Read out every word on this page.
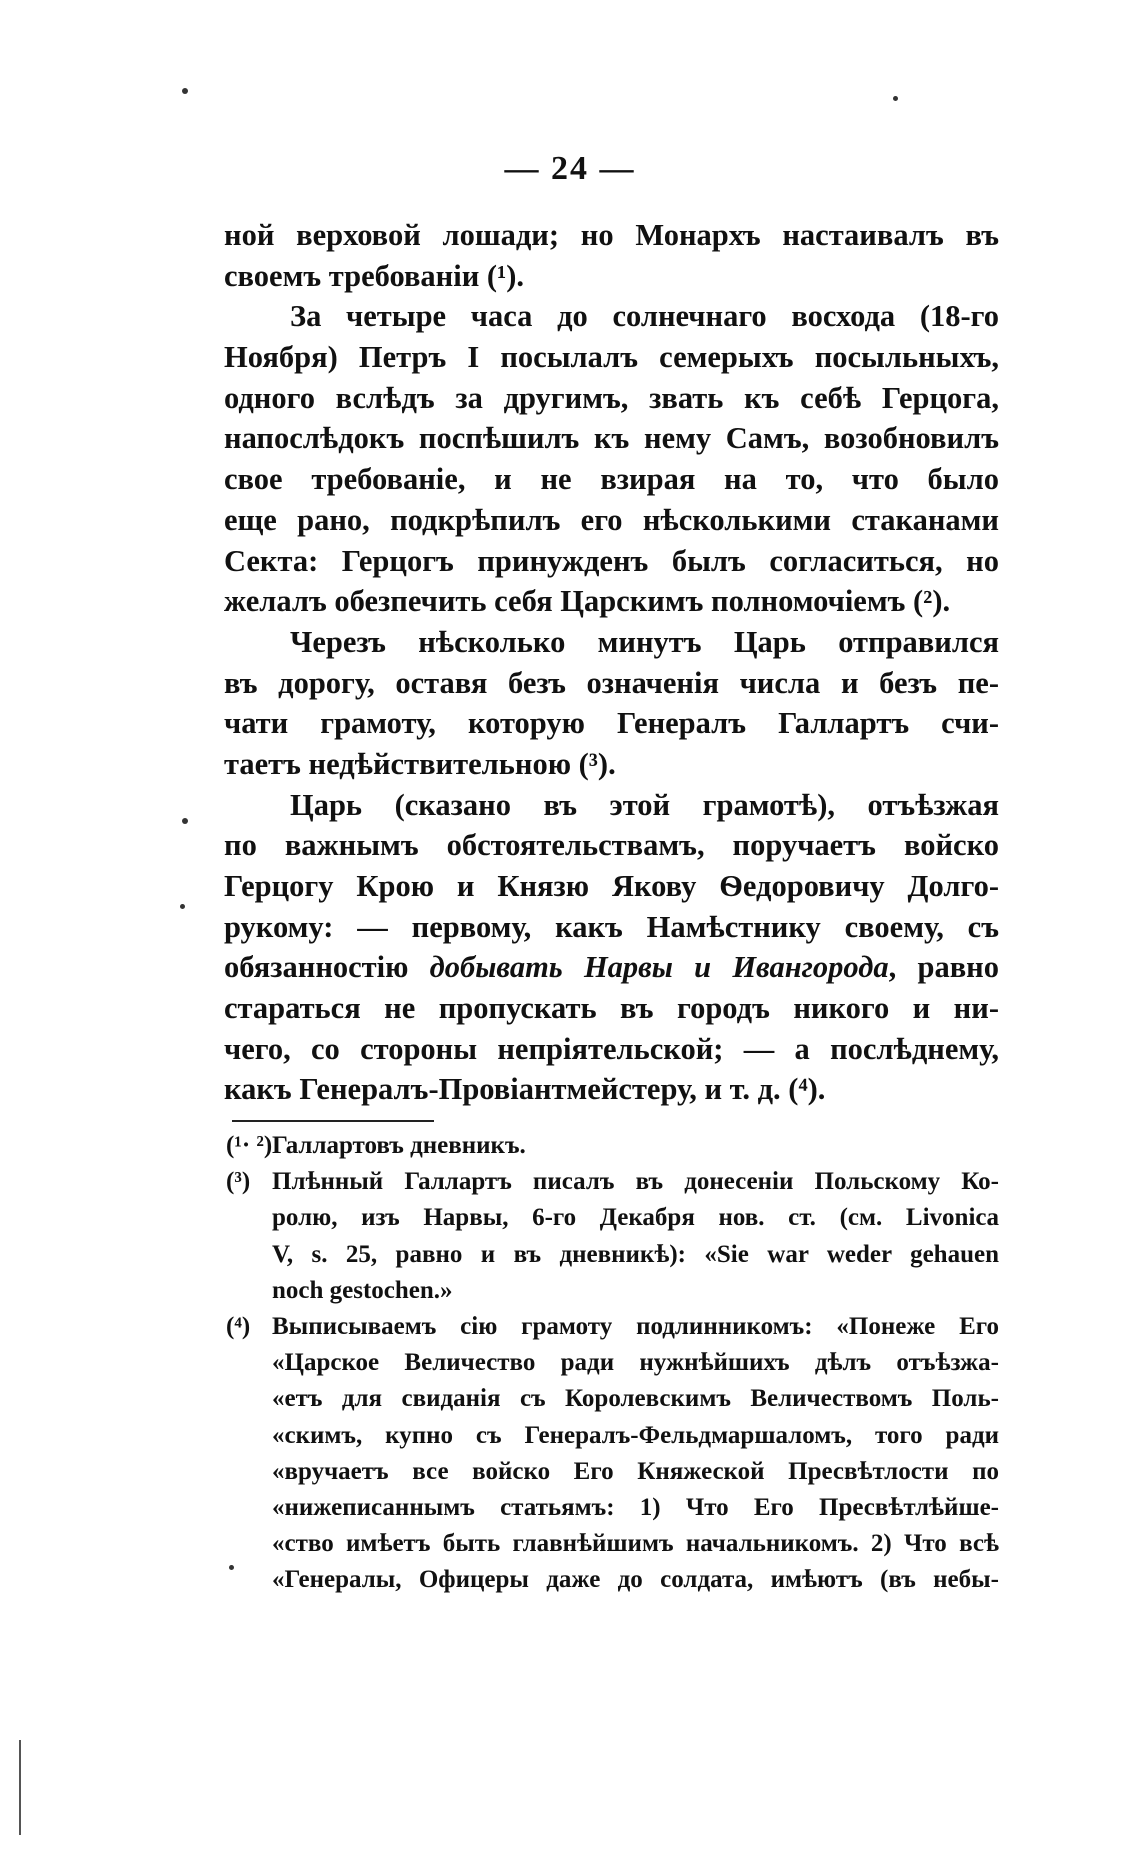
— 24 —
ной верховой лошади; но Монархъ настаивалъ въ
своемъ требованіи (¹).
За четыре часа до солнечнаго восхода (18-го
Ноября) Петръ I посылалъ семерыхъ посыльныхъ,
одного вслѣдъ за другимъ, звать къ себѣ Герцога,
напослѣдокъ поспѣшилъ къ нему Самъ, возобновилъ
свое требованіе, и не взирая на то, что было
еще рано, подкрѣпилъ его нѣсколькими стаканами
Секта: Герцогъ принужденъ былъ согласиться, но
желалъ обезпечить себя Царскимъ полномочіемъ (²).
Черезъ нѣсколько минутъ Царь отправился
въ дорогу, оставя безъ означенія числа и безъ пе-
чати грамоту, которую Генералъ Галлартъ счи-
таетъ недѣйствительною (³).
Царь (сказано въ этой грамотѣ), отъѣзжая
по важнымъ обстоятельствамъ, поручаетъ войско
Герцогу Крою и Князю Якову Ѳедоровичу Долго-
рукому: — первому, какъ Намѣстнику своему, съ
обязанностію добывать Нарвы и Ивангорода, равно
стараться не пропускать въ городъ никого и ни-
чего, со стороны непріятельской; — а послѣднему,
какъ Генералъ-Провіантмейстеру, и т. д. (⁴).
(¹· ²)Галлартовъ дневникъ.
(³) Плѣнный Галлартъ писалъ въ донесеніи Польскому Ко-
ролю, изъ Нарвы, 6-го Декабря нов. ст. (см. Livonica
V, s. 25, равно и въ дневникѣ): «Sie war weder gehauen
noch gestochen.»
(⁴) Выписываемъ сію грамоту подлинникомъ: «Понеже Его
«Царское Величество ради нужнѣйшихъ дѣлъ отъѣзжа-
«етъ для свиданія съ Королевскимъ Величествомъ Поль-
«скимъ, купно съ Генералъ-Фельдмаршаломъ, того ради
«вручаетъ все войско Его Княжеской Пресвѣтлости по
«нижеписаннымъ статьямъ: 1) Что Его Пресвѣтлѣйше-
«ство имѣетъ быть главнѣйшимъ начальникомъ. 2) Что всѣ
«Генералы, Офицеры даже до солдата, имѣютъ (въ небы-
